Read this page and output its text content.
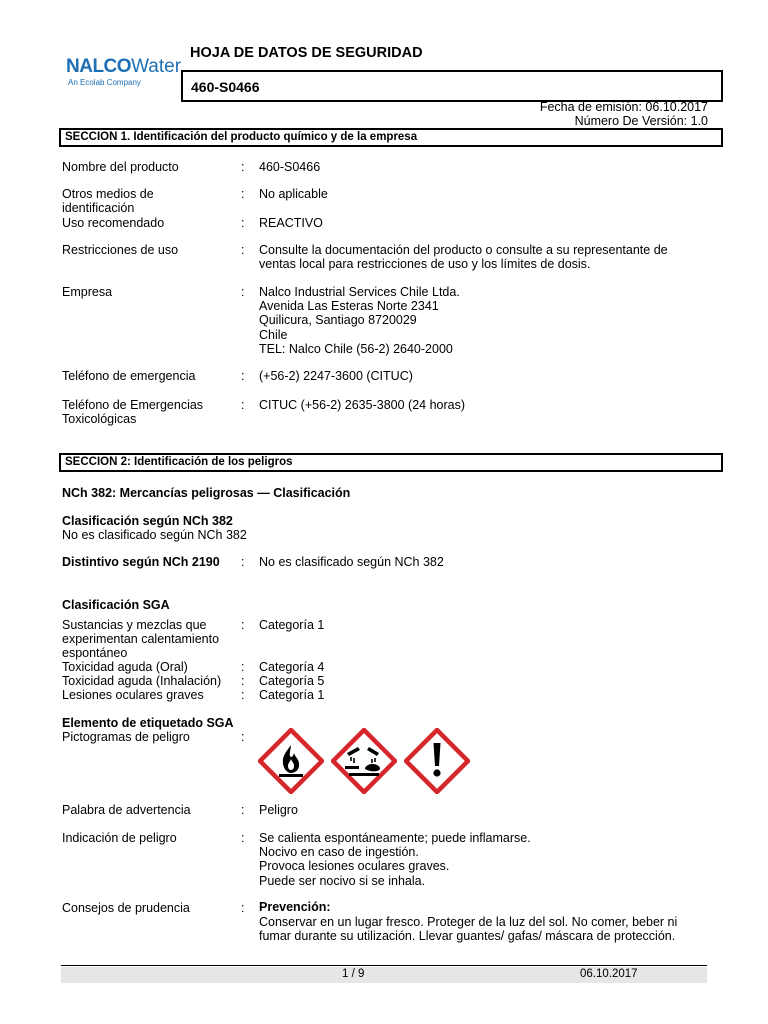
NALCOWater
An Ecolab Company
HOJA DE DATOS DE SEGURIDAD
460-S0466
Fecha de emisión: 06.10.2017
Número De Versión: 1.0
SECCION 1. Identificación del producto químico y de la empresa
Nombre del producto	: 460-S0466
Otros medios de
identificación
: No aplicable
Uso recomendado	: REACTIVO
Restricciones de uso	: Consulte la documentación del producto o consulte a su representante de
ventas local para restricciones de uso y los límites de dosis.
Empresa	: Nalco Industrial Services Chile Ltda.
Avenida Las Esteras Norte 2341
Quilicura, Santiago 8720029
Chile
TEL: Nalco Chile (56-2) 2640-2000
Teléfono de emergencia	: (+56-2) 2247-3600 (CITUC)
Teléfono de Emergencias
Toxicológicas
: CITUC (+56-2) 2635-3800 (24 horas)
SECCION 2: Identificación de los peligros
NCh 382: Mercancías peligrosas — Clasificación
Clasificación según NCh 382
No es clasificado según NCh 382
Distintivo según NCh 2190 : No es clasificado según NCh 382
Clasificación SGA
Sustancias y mezclas que
experimentan calentamiento
espontáneo
: Categoría 1
Toxicidad aguda (Oral)	: Categoría 4
Toxicidad aguda (Inhalación)	: Categoría 5
Lesiones oculares graves	: Categoría 1
Elemento de etiquetado SGA
Pictogramas de peligro	:
Palabra de advertencia	: Peligro
Indicación de peligro	: Se calienta espontáneamente; puede inflamarse.
Nocivo en caso de ingestión.
Provoca lesiones oculares graves.
Puede ser nocivo si se inhala.
Consejos de prudencia	: Prevención:
Conservar en un lugar fresco. Proteger de la luz del sol. No comer, beber ni
fumar durante su utilización. Llevar guantes/ gafas/ máscara de protección.
1 / 9	06.10.2017
